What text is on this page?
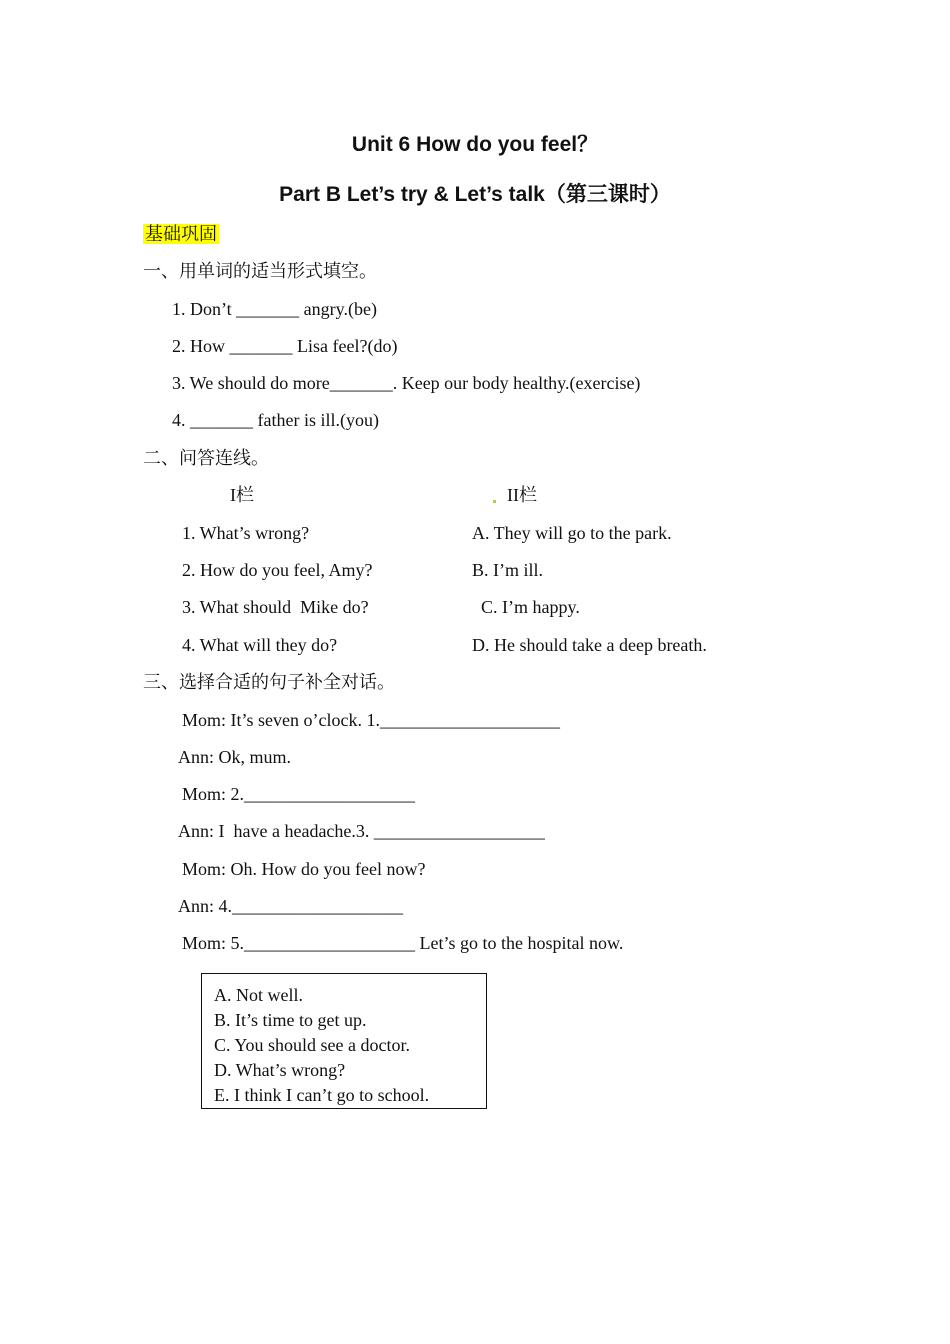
Unit 6 How do you feel？
Part B Let’s try & Let’s talk（第三课时）
基础巩固
一、用单词的适当形式填空。
1. Don’t _______ angry.(be)
2. How _______ Lisa feel?(do)
3. We should do more_______. Keep our body healthy.(exercise)
4. _______ father is ill.(you)
二、问答连线。
I栏	II栏
1. What’s wrong?
2. How do you feel, Amy?
3. What should  Mike do?
4. What will they do?
A. They will go to the park.
B. I’m ill.
C. I’m happy.
D. He should take a deep breath.
三、选择合适的句子补全对话。
Mom: It’s seven o’clock. 1.____________________
Ann: Ok, mum.
Mom: 2.___________________
Ann: I  have a headache.3. ___________________
Mom: Oh. How do you feel now?
Ann: 4.___________________
Mom: 5.___________________ Let’s go to the hospital now.
A. Not well.
B. It’s time to get up.
C. You should see a doctor.
D. What’s wrong?
E. I think I can’t go to school.
